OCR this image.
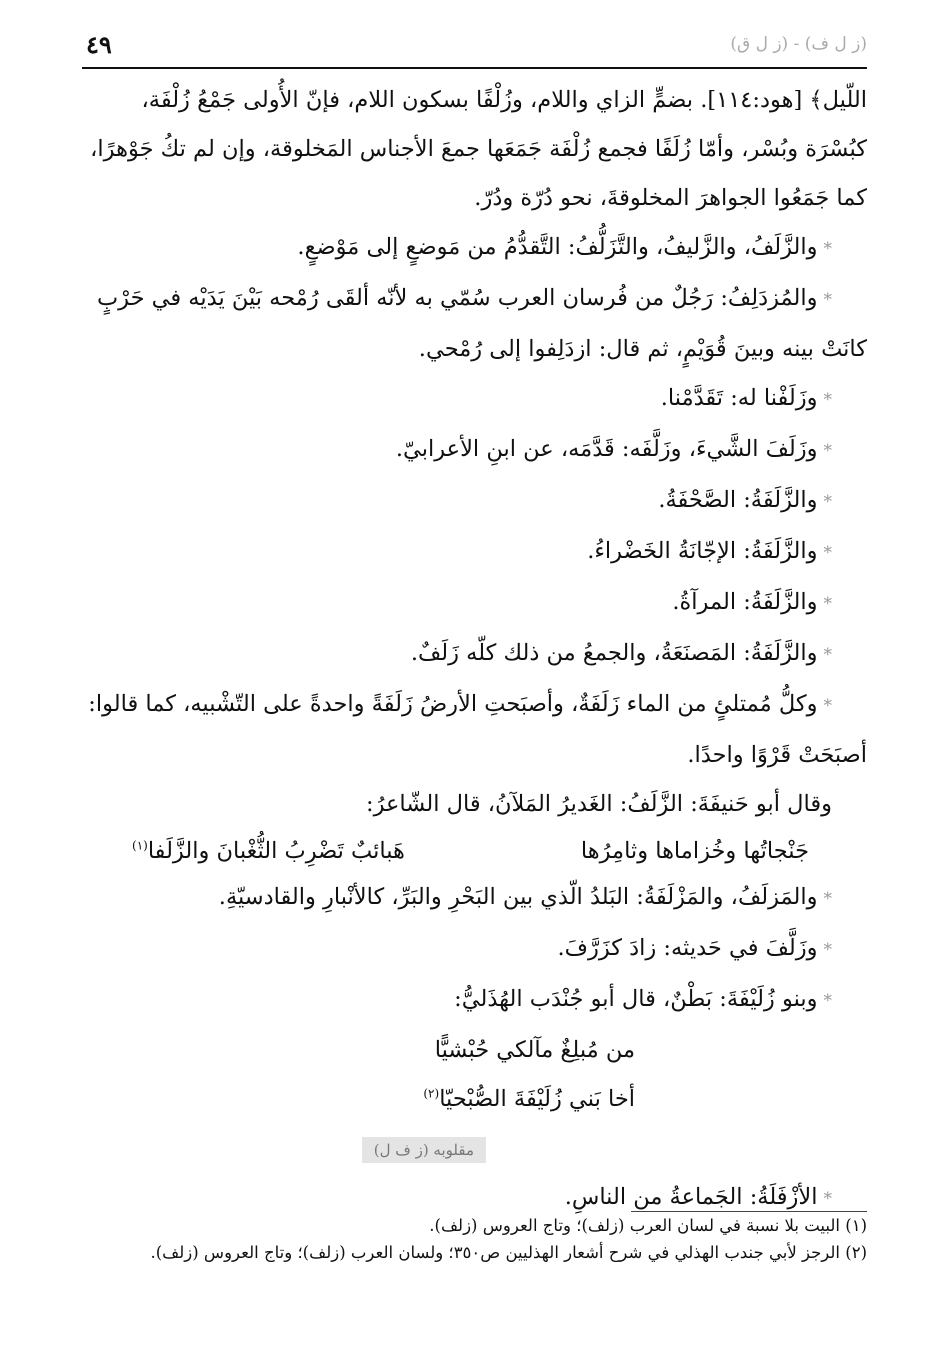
٤٩	(ز ل ف) - (ز ل ق)

اللّيل﴾ [هود:١١٤]. بضمٍّ الزاي واللام، وزُلْفًا بسكون اللام، فإنّ الأُولى جَمْعُ زُلْفَة،

كبُسْرَة وبُسْر، وأمّا زُلَفًا فجمع زُلْفَة جَمَعَها جمعَ الأجناس المَخلوقة، وإن لم تكُ جَوْهرًا،

كما جَمَعُوا الجواهرَ المخلوقةَ، نحو دُرّة ودُرّ.

*والزَّلَفُ، والزَّليفُ، والتَّزَلُّفُ: التَّقدُّمُ من مَوضعٍ إلى مَوْضعٍ.

*والمُزدَلِفُ: رَجُلٌ من فُرسان العرب سُمّي به لأنّه ألقَى رُمْحه بَيْنَ يَدَيْه في حَرْبٍ

كانَتْ بينه وبينَ قُوَيْمٍ، ثم قال: ازدَلِفوا إلى رُمْحي.

*وزَلَفْنا له: تَقَدَّمْنا.

*وزَلَفَ الشَّيءَ، وزَلَّفَه: قَدَّمَه، عن ابنِ الأعرابيّ.

*والزَّلَفَةُ: الصَّحْفَةُ.

*والزَّلَفَةُ: الإجّانَةُ الخَضْراءُ.

*والزَّلَفَةُ: المرآةُ.

*والزَّلَفَةُ: المَصنَعَةُ، والجمعُ من ذلك كلّه زَلَفٌ.

*وكلُّ مُمتلئٍ من الماء زَلَفَةٌ، وأصبَحتِ الأرضُ زَلَفَةً واحدةً على التّشْبيه، كما قالوا:

أصبَحَتْ قَرْوًا واحدًا.

وقال أبو حَنيفَةَ: الزَّلَفُ: الغَديرُ المَلآنُ، قال الشّاعرُ:

جَنْجاتُها وخُزاماها وثامِرُها
هَبائبٌ تَضْرِبُ الثُّغْبانَ والزَّلَفا$^{(١)}$

*والمَزلَفُ، والمَزْلَفَةُ: البَلدُ الّذي بين البَحْرِ والبَرِّ، كالأنْبارِ والقادسيّةِ.

*وزَلَّفَ في حَديثه: زادَ كزَرَّفَ.

*وبنو زُلَيْفَةَ: بَطْنٌ، قال أبو جُنْدَب الهُذَليُّ:

من مُبلِغٌ مآلكي حُبْشيًّا
أخا بَني زُلَيْفَةَ الصُّبْحيّا$^{(٢)}$
مقلوبه (ز ف ل)

*الأزْفَلَةُ: الجَماعةُ من الناسِ.

(١) البيت بلا نسبة في لسان العرب (زلف)؛ وتاج العروس (زلف).

(٢) الرجز لأبي جندب الهذلي في شرح أشعار الهذليين ص٣٥٠؛ ولسان العرب (زلف)؛ وتاج العروس (زلف).
